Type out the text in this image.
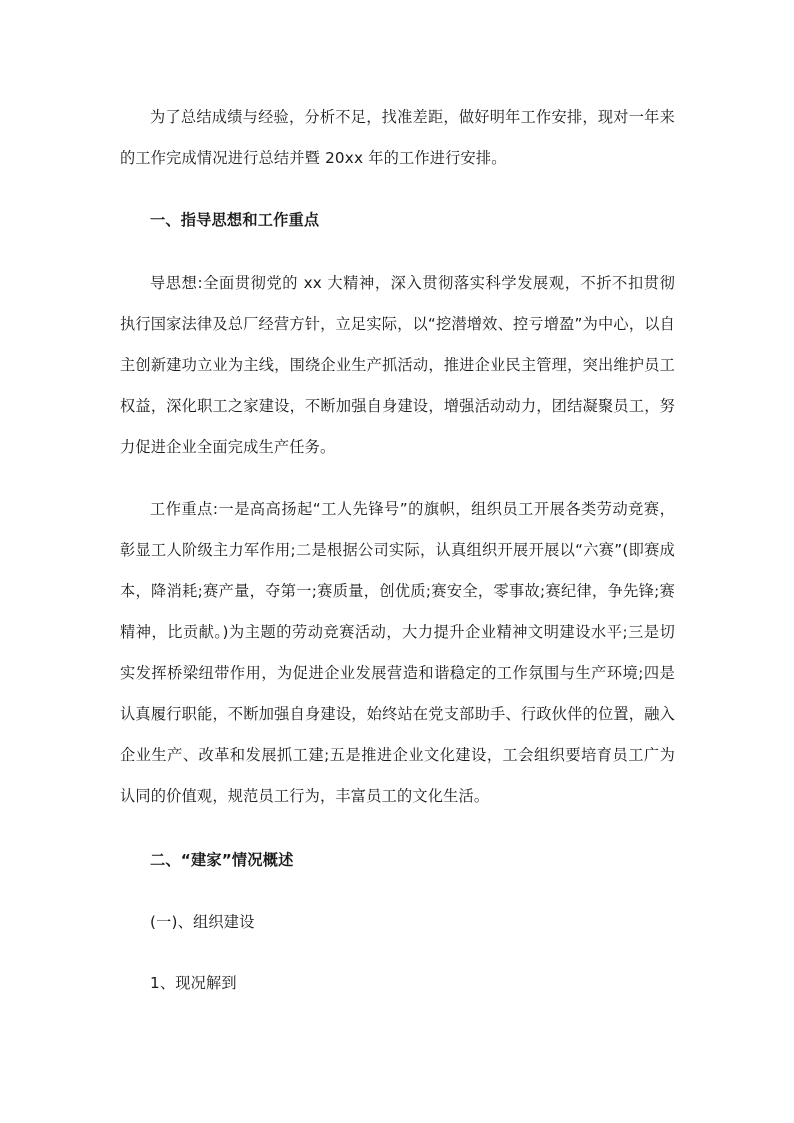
为了总结成绩与经验，分析不足，找准差距，做好明年工作安排，现对一年来的工作完成情况进行总结并暨 20xx 年的工作进行安排。

一、指导思想和工作重点

导思想:全面贯彻党的 xx 大精神，深入贯彻落实科学发展观，不折不扣贯彻执行国家法律及总厂经营方针，立足实际，以“挖潜增效、控亏增盈”为中心，以自主创新建功立业为主线，围绕企业生产抓活动，推进企业民主管理，突出维护员工权益，深化职工之家建设，不断加强自身建设，增强活动动力，团结凝聚员工，努力促进企业全面完成生产任务。

工作重点:一是高高扬起“工人先锋号”的旗帜，组织员工开展各类劳动竞赛，彰显工人阶级主力军作用;二是根据公司实际，认真组织开展开展以“六赛”(即赛成本，降消耗;赛产量，夺第一;赛质量，创优质;赛安全，零事故;赛纪律，争先锋;赛精神，比贡献。)为主题的劳动竞赛活动，大力提升企业精神文明建设水平;三是切实发挥桥梁纽带作用，为促进企业发展营造和谐稳定的工作氛围与生产环境;四是认真履行职能，不断加强自身建设，始终站在党支部助手、行政伙伴的位置，融入企业生产、改革和发展抓工建;五是推进企业文化建设，工会组织要培育员工广为认同的价值观，规范员工行为，丰富员工的文化生活。

二、“建家”情况概述

(一)、组织建设

1、现况解到
